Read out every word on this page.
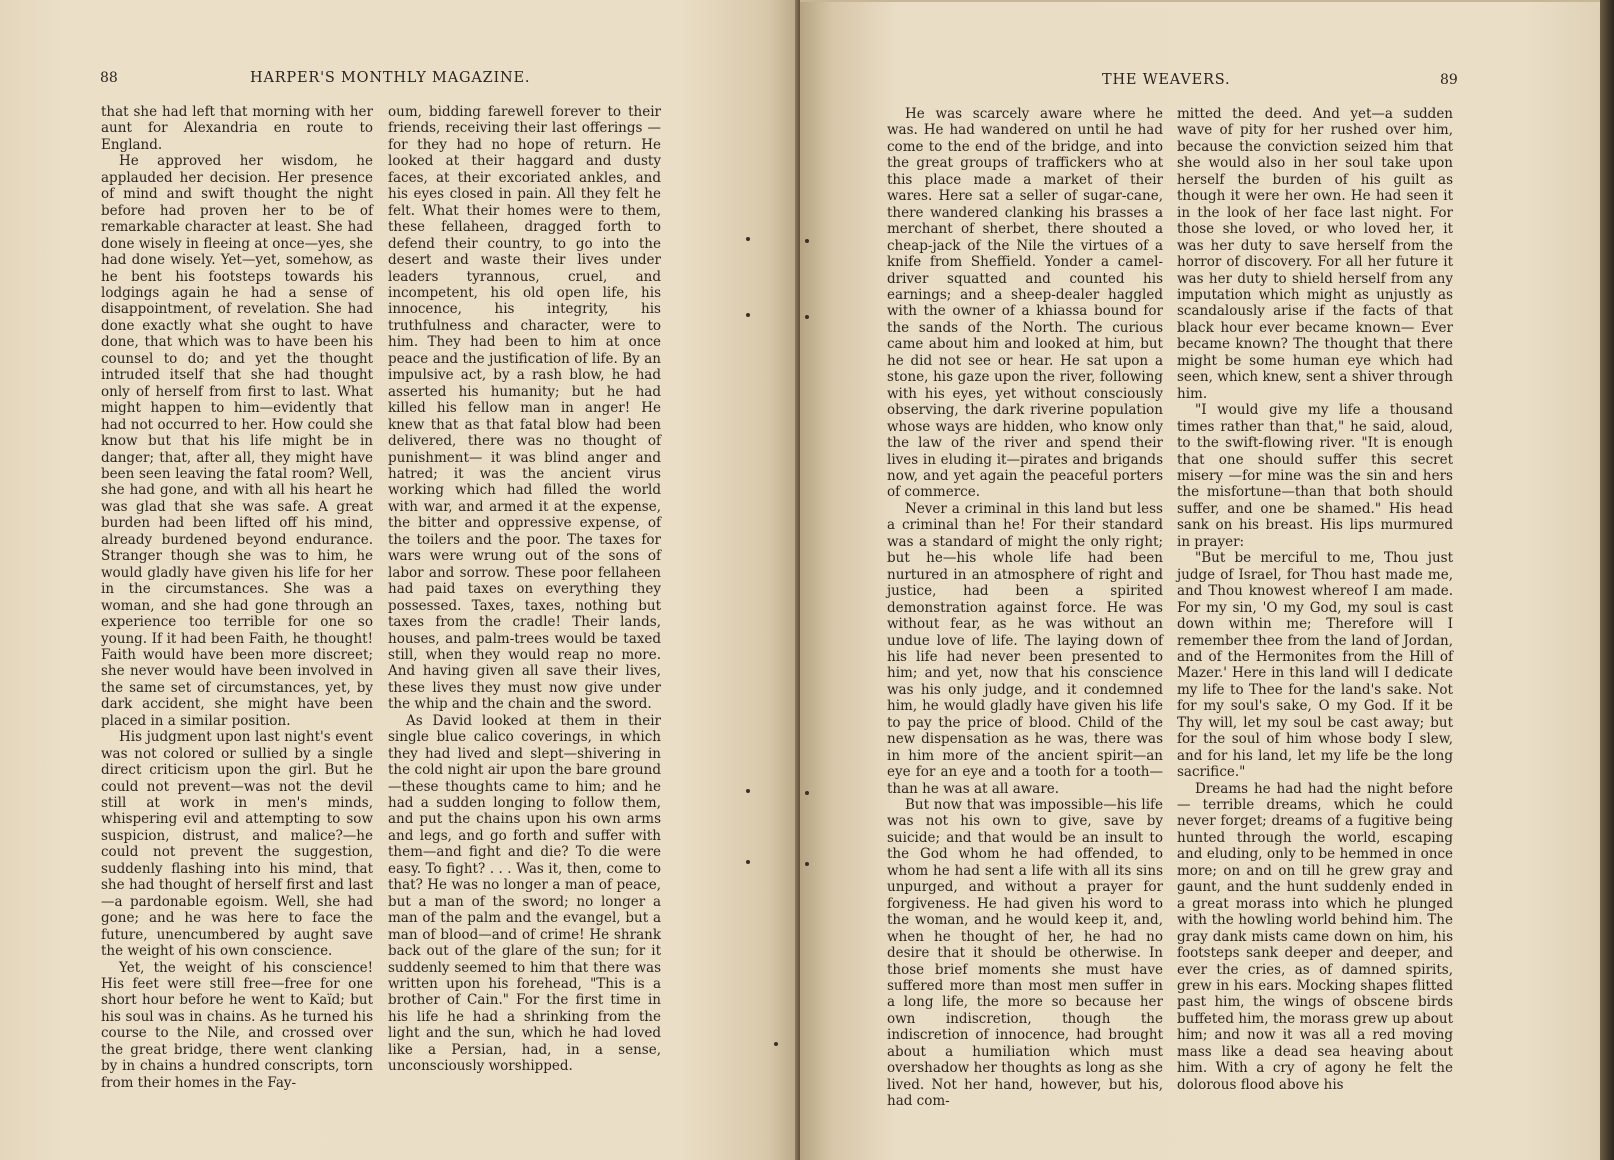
88	HARPER'S MONTHLY MAGAZINE.

that she had left that morning with her aunt for Alexandria en route to England.

He approved her wisdom, he applauded her decision. Her presence of mind and swift thought the night before had proven her to be of remarkable character at least. She had done wisely in fleeing at once—yes, she had done wisely. Yet—yet, somehow, as he bent his footsteps towards his lodgings again he had a sense of disappointment, of revelation. She had done exactly what she ought to have done, that which was to have been his counsel to do; and yet the thought intruded itself that she had thought only of herself from first to last. What might happen to him—evidently that had not occurred to her. How could she know but that his life might be in danger; that, after all, they might have been seen leaving the fatal room? Well, she had gone, and with all his heart he was glad that she was safe. A great burden had been lifted off his mind, already burdened beyond endurance. Stranger though she was to him, he would gladly have given his life for her in the circumstances. She was a woman, and she had gone through an experience too terrible for one so young. If it had been Faith, he thought! Faith would have been more discreet; she never would have been involved in the same set of circumstances, yet, by dark accident, she might have been placed in a similar position.

His judgment upon last night's event was not colored or sullied by a single direct criticism upon the girl. But he could not prevent—was not the devil still at work in men's minds, whispering evil and attempting to sow suspicion, distrust, and malice?—he could not prevent the suggestion, suddenly flashing into his mind, that she had thought of herself first and last—a pardonable egoism. Well, she had gone; and he was here to face the future, unencumbered by aught save the weight of his own conscience.

Yet, the weight of his conscience! His feet were still free—free for one short hour before he went to Kaïd; but his soul was in chains. As he turned his course to the Nile, and crossed over the great bridge, there went clanking by in chains a hundred conscripts, torn from their homes in the Fay-

oum, bidding farewell forever to their friends, receiving their last offerings —for they had no hope of return. He looked at their haggard and dusty faces, at their excoriated ankles, and his eyes closed in pain. All they felt he felt. What their homes were to them, these fellaheen, dragged forth to defend their country, to go into the desert and waste their lives under leaders tyrannous, cruel, and incompetent, his old open life, his innocence, his integrity, his truthfulness and character, were to him. They had been to him at once peace and the justification of life. By an impulsive act, by a rash blow, he had asserted his humanity; but he had killed his fellow man in anger! He knew that as that fatal blow had been delivered, there was no thought of punishment— it was blind anger and hatred; it was the ancient virus working which had filled the world with war, and armed it at the expense, the bitter and oppressive expense, of the toilers and the poor. The taxes for wars were wrung out of the sons of labor and sorrow. These poor fellaheen had paid taxes on everything they possessed. Taxes, taxes, nothing but taxes from the cradle! Their lands, houses, and palm-trees would be taxed still, when they would reap no more. And having given all save their lives, these lives they must now give under the whip and the chain and the sword.

As David looked at them in their single blue calico coverings, in which they had lived and slept—shivering in the cold night air upon the bare ground —these thoughts came to him; and he had a sudden longing to follow them, and put the chains upon his own arms and legs, and go forth and suffer with them—and fight and die? To die were easy. To fight? . . . Was it, then, come to that? He was no longer a man of peace, but a man of the sword; no longer a man of the palm and the evangel, but a man of blood—and of crime! He shrank back out of the glare of the sun; for it suddenly seemed to him that there was written upon his forehead, "This is a brother of Cain." For the first time in his life he had a shrinking from the light and the sun, which he had loved like a Persian, had, in a sense, unconsciously worshipped.

THE WEAVERS.	89

He was scarcely aware where he was. He had wandered on until he had come to the end of the bridge, and into the great groups of traffickers who at this place made a market of their wares. Here sat a seller of sugar-cane, there wandered clanking his brasses a merchant of sherbet, there shouted a cheap-jack of the Nile the virtues of a knife from Sheffield. Yonder a camel-driver squatted and counted his earnings; and a sheep-dealer haggled with the owner of a khiassa bound for the sands of the North. The curious came about him and looked at him, but he did not see or hear. He sat upon a stone, his gaze upon the river, following with his eyes, yet without consciously observing, the dark riverine population whose ways are hidden, who know only the law of the river and spend their lives in eluding it—pirates and brigands now, and yet again the peaceful porters of commerce.

Never a criminal in this land but less a criminal than he! For their standard was a standard of might the only right; but he—his whole life had been nurtured in an atmosphere of right and justice, had been a spirited demonstration against force. He was without fear, as he was without an undue love of life. The laying down of his life had never been presented to him; and yet, now that his conscience was his only judge, and it condemned him, he would gladly have given his life to pay the price of blood. Child of the new dispensation as he was, there was in him more of the ancient spirit—an eye for an eye and a tooth for a tooth—than he was at all aware.

But now that was impossible—his life was not his own to give, save by suicide; and that would be an insult to the God whom he had offended, to whom he had sent a life with all its sins unpurged, and without a prayer for forgiveness. He had given his word to the woman, and he would keep it, and, when he thought of her, he had no desire that it should be otherwise. In those brief moments she must have suffered more than most men suffer in a long life, the more so because her own indiscretion, though the indiscretion of innocence, had brought about a humiliation which must overshadow her thoughts as long as she lived. Not her hand, however, but his, had com-

mitted the deed. And yet—a sudden wave of pity for her rushed over him, because the conviction seized him that she would also in her soul take upon herself the burden of his guilt as though it were her own. He had seen it in the look of her face last night. For those she loved, or who loved her, it was her duty to save herself from the horror of discovery. For all her future it was her duty to shield herself from any imputation which might as unjustly as scandalously arise if the facts of that black hour ever became known— Ever became known? The thought that there might be some human eye which had seen, which knew, sent a shiver through him.

"I would give my life a thousand times rather than that," he said, aloud, to the swift-flowing river. "It is enough that one should suffer this secret misery —for mine was the sin and hers the misfortune—than that both should suffer, and one be shamed." His head sank on his breast. His lips murmured in prayer:

"But be merciful to me, Thou just judge of Israel, for Thou hast made me, and Thou knowest whereof I am made. For my sin, 'O my God, my soul is cast down within me; Therefore will I remember thee from the land of Jordan, and of the Hermonites from the Hill of Mazer.' Here in this land will I dedicate my life to Thee for the land's sake. Not for my soul's sake, O my God. If it be Thy will, let my soul be cast away; but for the soul of him whose body I slew, and for his land, let my life be the long sacrifice."

Dreams he had had the night before— terrible dreams, which he could never forget; dreams of a fugitive being hunted through the world, escaping and eluding, only to be hemmed in once more; on and on till he grew gray and gaunt, and the hunt suddenly ended in a great morass into which he plunged with the howling world behind him. The gray dank mists came down on him, his footsteps sank deeper and deeper, and ever the cries, as of damned spirits, grew in his ears. Mocking shapes flitted past him, the wings of obscene birds buffeted him, the morass grew up about him; and now it was all a red moving mass like a dead sea heaving about him. With a cry of agony he felt the dolorous flood above his
